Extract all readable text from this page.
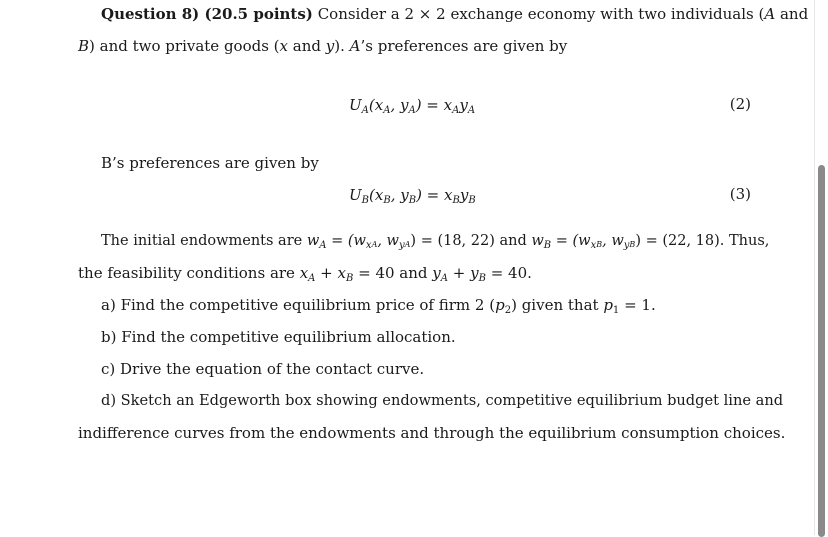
Question 8) (20.5 points) Consider a 2 × 2 exchange economy with two individuals (A and
B) and two private goods (x and y). A’s preferences are given by
$U_A(x_A$, $y_A) = x_Ay_A$	(2)
B’s preferences are given by
$U_B(x_B$, $y_B) = x_By_B$	(3)
The initial endowments are $w_A = (w_xA$, $w_yA) = (18$, 22) and $w_B = (w_xB$, $w_yB) = (22$, 18). Thus,
the feasibility conditions are $x_A + x_B = 40$ and $y_A + y_B = 40$.
a) Find the competitive equilibrium price of firm 2 $(p_2)$ given that $p_1 = 1$.
b) Find the competitive equilibrium allocation.
c) Drive the equation of the contact curve.
d) Sketch an Edgeworth box showing endowments, competitive equilibrium budget line and
indifference curves from the endowments and through the equilibrium consumption choices.
